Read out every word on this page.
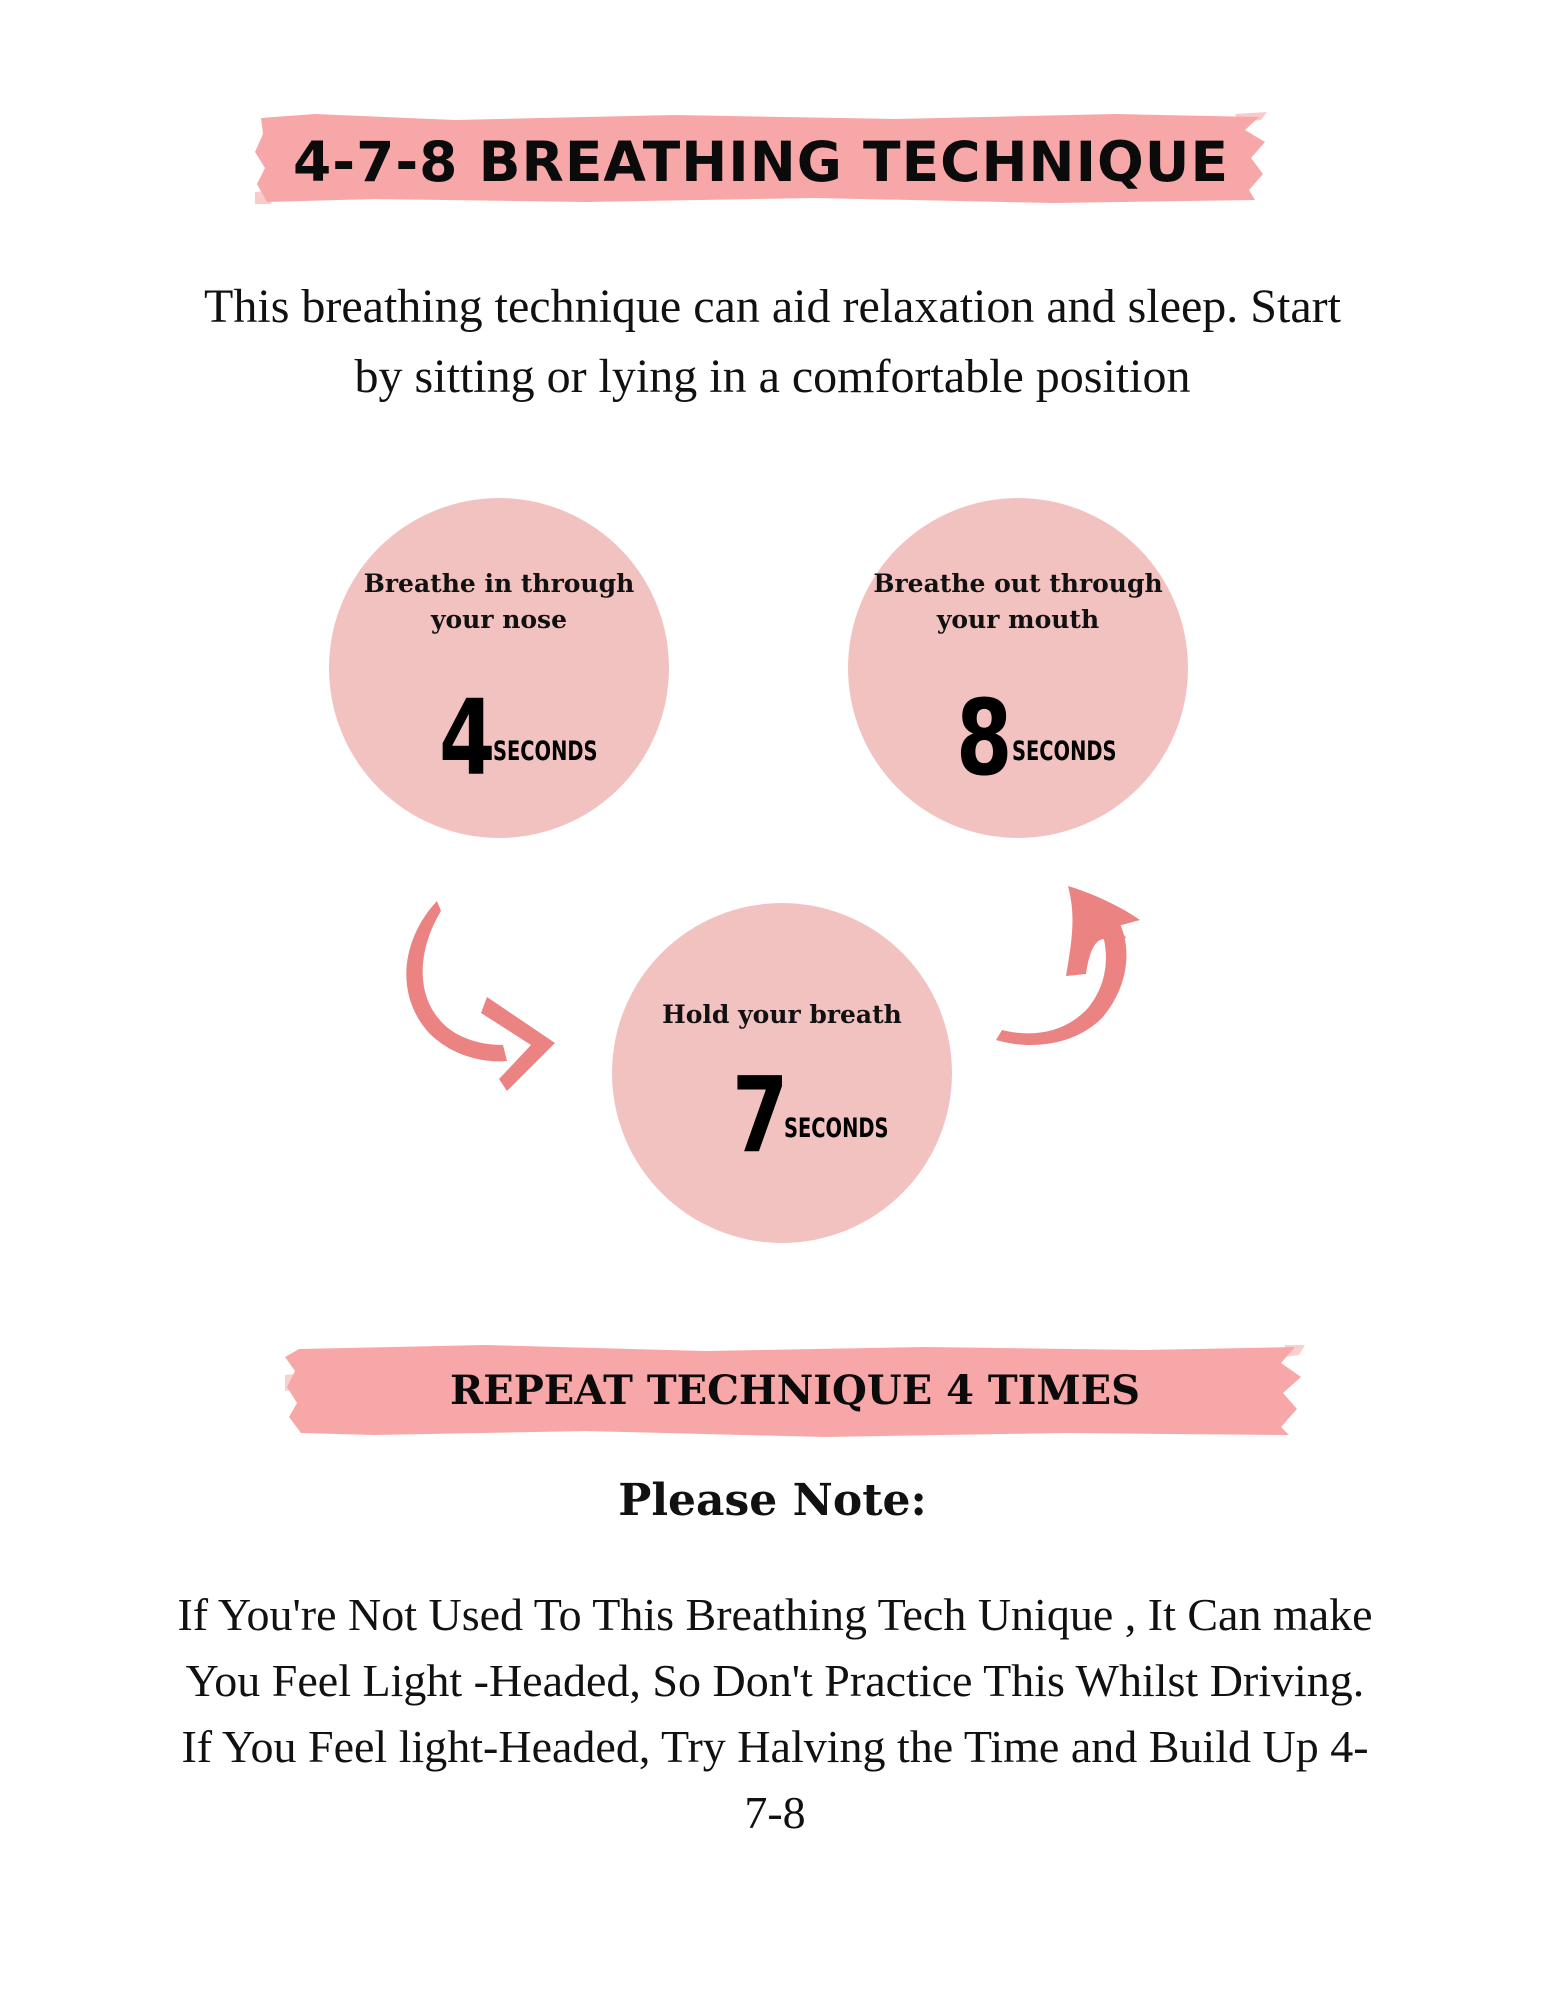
4-7-8 BREATHING TECHNIQUE
This breathing technique can aid relaxation and sleep. Start by sitting or lying in a comfortable position
Breathe in through your nose
4
SECONDS
Breathe out through your mouth
8 SECONDS
Hold your breath
7
SECONDS
REPEAT TECHNIQUE 4 TIMES
Please Note:
If You're Not Used To This Breathing Tech Unique , It Can make You Feel Light -Headed, So Don't Practice This Whilst Driving. If You Feel light-Headed, Try Halving the Time and Build Up 4-7-8
